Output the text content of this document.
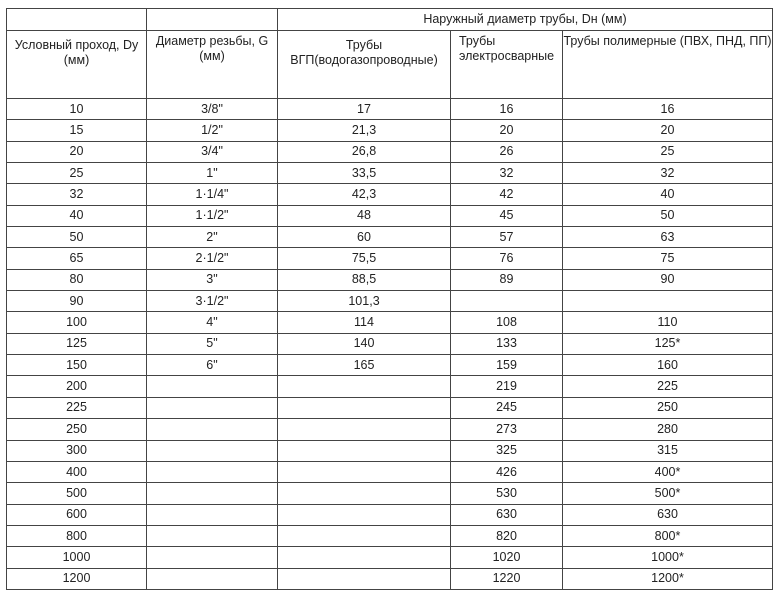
		Наружный диаметр трубы, Dн (мм)		
Условный проход, Dy (мм)	Диаметр резьбы, G (мм)	Трубы ВГП(водогазопроводные)	Трубы электросварные	Трубы полимерные (ПВХ, ПНД, ПП)
10	3/8"	17	16	16
15	1/2"	21,3	20	20
20	3/4"	26,8	26	25
25	1"	33,5	32	32
32	1·1/4"	42,3	42	40
40	1·1/2"	48	45	50
50	2"	60	57	63
65	2·1/2"	75,5	76	75
80	3"	88,5	89	90
90	3·1/2"	101,3		
100	4"	114	108	110
125	5"	140	133	125*
150	6"	165	159	160
200			219	225
225			245	250
250			273	280
300			325	315
400			426	400*
500			530	500*
600			630	630
800			820	800*
1000			1020	1000*
1200			1220	1200*
